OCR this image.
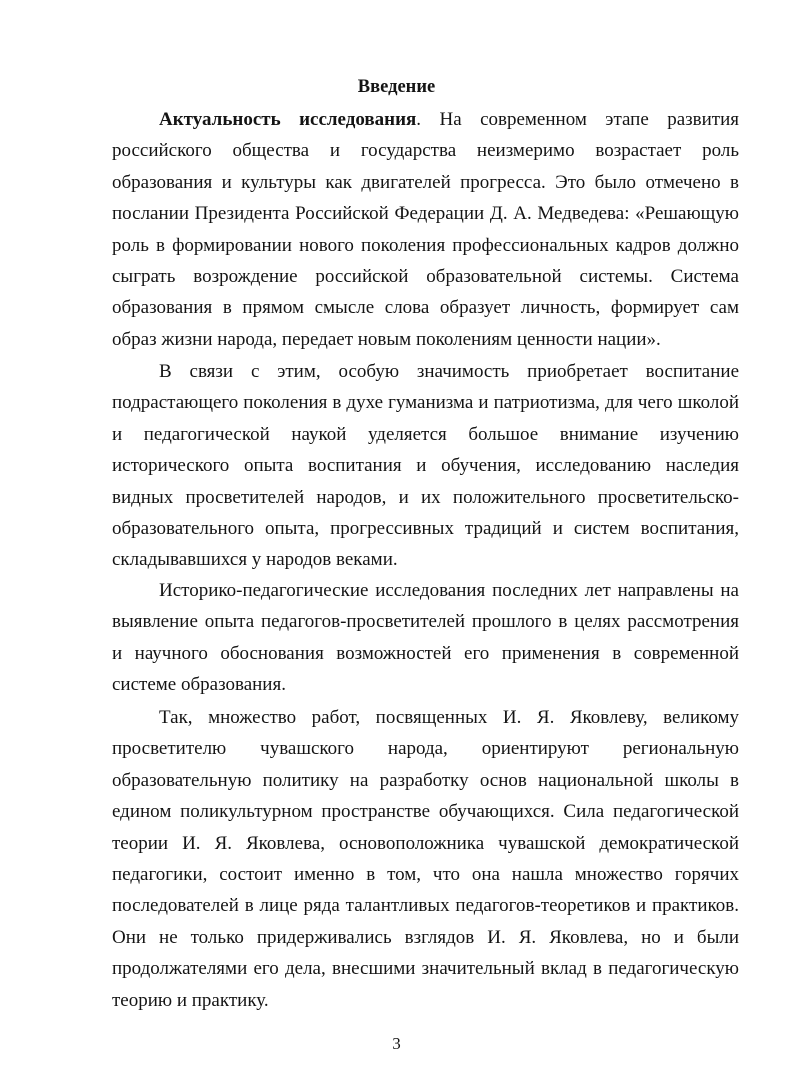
Введение

Актуальность исследования. На современном этапе развития российского общества и государства неизмеримо возрастает роль образования и культуры как двигателей прогресса. Это было отмечено в послании Президента Российской Федерации Д. А. Медведева: «Решающую роль в формировании нового поколения профессиональных кадров должно сыграть возрождение российской образовательной системы. Система образования в прямом смысле слова образует личность, формирует сам образ жизни народа, передает новым поколениям ценности нации».

В связи с этим, особую значимость приобретает воспитание подрастающего поколения в духе гуманизма и патриотизма, для чего школой и педагогической наукой уделяется большое внимание изучению исторического опыта воспитания и обучения, исследованию наследия видных просветителей народов, и их положительного просветительско-образовательного опыта, прогрессивных традиций и систем воспитания, складывавшихся у народов веками.

Историко-педагогические исследования последних лет направлены на выявление опыта педагогов-просветителей прошлого в целях рассмотрения и научного обоснования возможностей его применения в современной системе образования.

Так, множество работ, посвященных И. Я. Яковлеву, великому просветителю чувашского народа, ориентируют региональную образовательную политику на разработку основ национальной школы в едином поликультурном пространстве обучающихся. Сила педагогической теории И. Я. Яковлева, основоположника чувашской демократической педагогики, состоит именно в том, что она нашла множество горячих последователей в лице ряда талантливых педагогов-теоретиков и практиков. Они не только придерживались взглядов И. Я. Яковлева, но и были продолжателями его дела, внесшими значительный вклад в педагогическую теорию и практику.

3
